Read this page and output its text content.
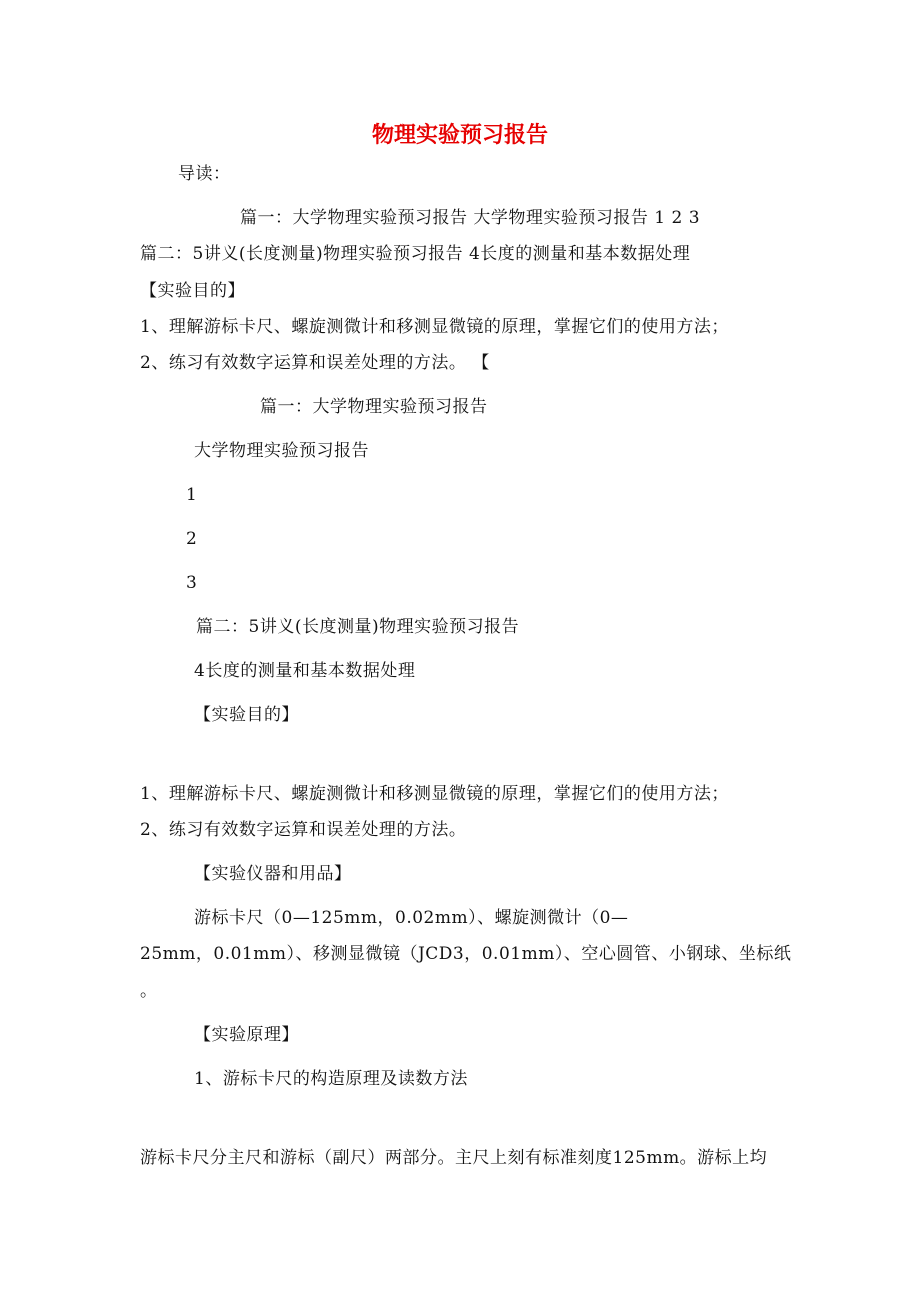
物理实验预习报告
导读：
篇一：大学物理实验预习报告 大学物理实验预习报告 1 2 3
篇二：5讲义(长度测量)物理实验预习报告 4长度的测量和基本数据处理
【实验目的】
1、理解游标卡尺、螺旋测微计和移测显微镜的原理，掌握它们的使用方法；
2、练习有效数字运算和误差处理的方法。 【
篇一：大学物理实验预习报告
大学物理实验预习报告
1
2
3
篇二：5讲义(长度测量)物理实验预习报告
4长度的测量和基本数据处理
【实验目的】
1、理解游标卡尺、螺旋测微计和移测显微镜的原理，掌握它们的使用方法；
2、练习有效数字运算和误差处理的方法。
【实验仪器和用品】
游标卡尺（0—125mm，0.02mm）、螺旋测微计（0—
25mm，0.01mm）、移测显微镜（JCD3，0.01mm）、空心圆管、小钢球、坐标纸
。
【实验原理】
1、游标卡尺的构造原理及读数方法
游标卡尺分主尺和游标（副尺）两部分。主尺上刻有标准刻度125mm。游标上均
